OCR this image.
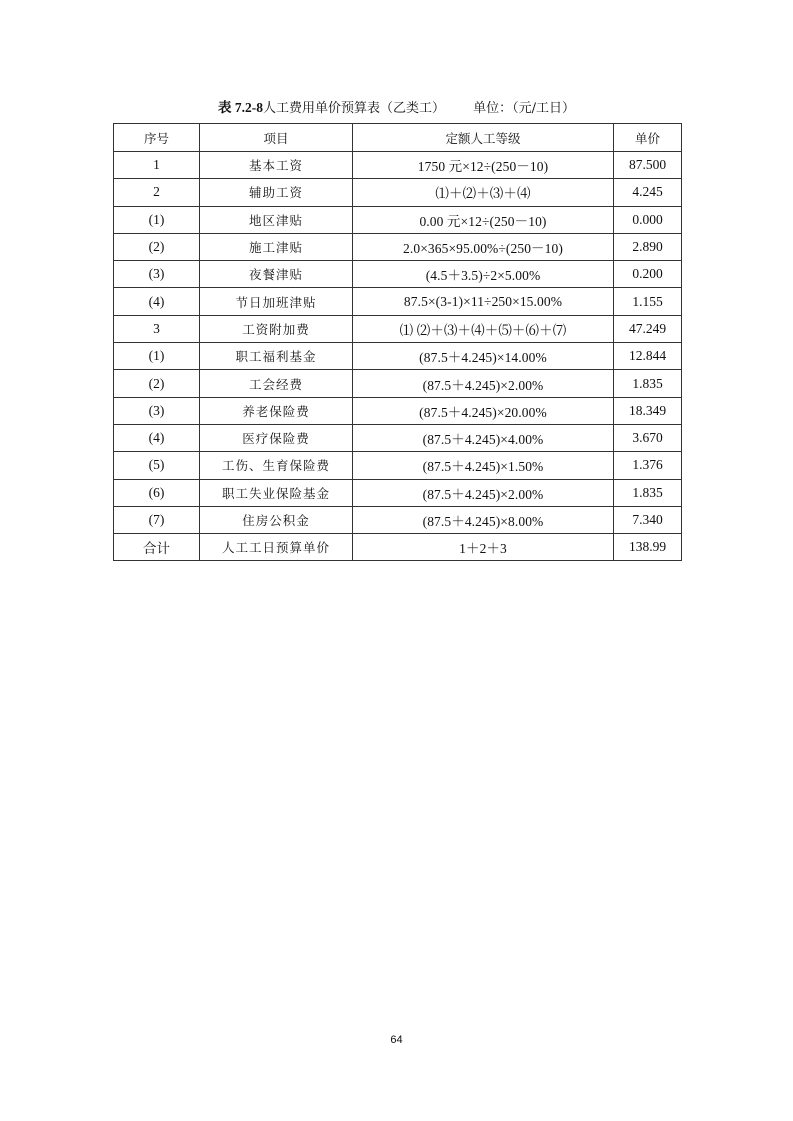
表 7.2-8人工费用单价预算表（乙类工） 单位：（元/工日）
序号	项目	定额人工等级	单价
1	基本工资	1750 元×12÷(250－10)	87.500
2	辅助工资	⑴＋⑵＋⑶＋⑷	4.245
(1)	地区津贴	0.00 元×12÷(250－10)	0.000
(2)	施工津贴	2.0×365×95.00%÷(250－10)	2.890
(3)	夜餐津贴	(4.5＋3.5)÷2×5.00%	0.200
(4)	节日加班津贴	87.5×(3-1)×11÷250×15.00%	1.155
3	工资附加费	⑴ ⑵＋⑶＋⑷＋⑸＋⑹＋⑺	47.249
(1)	职工福利基金	(87.5＋4.245)×14.00%	12.844
(2)	工会经费	(87.5＋4.245)×2.00%	1.835
(3)	养老保险费	(87.5＋4.245)×20.00%	18.349
(4)	医疗保险费	(87.5＋4.245)×4.00%	3.670
(5)	工伤、生育保险费	(87.5＋4.245)×1.50%	1.376
(6)	职工失业保险基金	(87.5＋4.245)×2.00%	1.835
(7)	住房公积金	(87.5＋4.245)×8.00%	7.340
合计	人工工日预算单价	1＋2＋3	138.99
64
